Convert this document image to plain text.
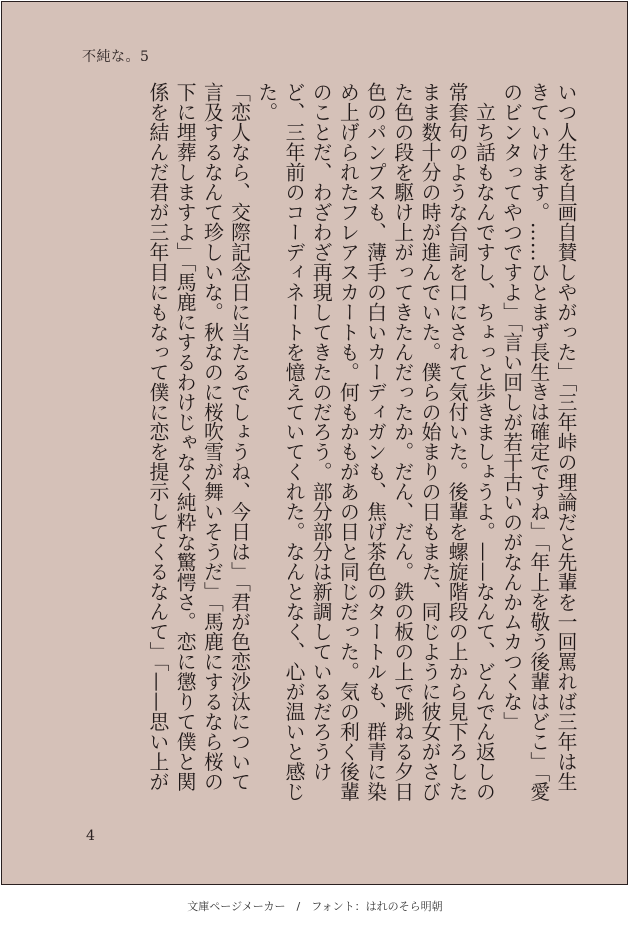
不純な。5

いつ人生を自画自賛しやがった」「三年峠の理論だと先輩を一回罵れば三年は生きていけます。……ひとまず長生きは確定ですね」「年上を敬う後輩はどこ」「愛のビンタってやつですよ」「言い回しが若干古いのがなんかムカつくな」

立ち話もなんですし、ちょっと歩きましょうよ。——なんて、どんでん返しの常套句のような台詞を口にされて気付いた。後輩を螺旋階段の上から見下ろしたまま数十分の時が進んでいた。僕らの始まりの日もまた、同じように彼女がさびた色の段を駆け上がってきたんだったか。だん、だん。鉄の板の上で跳ねる夕日色のパンプスも、薄手の白いカーディガンも、焦げ茶色のタートルも、群青に染め上げられたフレアスカートも。何もかもがあの日と同じだった。気の利く後輩のことだ、わざわざ再現してきたのだろう。部分部分は新調しているだろうけど、三年前のコーディネートを憶えていてくれた。なんとなく、心が温いと感じた。

「恋人なら、交際記念日に当たるでしょうね、今日は」「君が色恋沙汰について言及するなんて珍しいな。秋なのに桜吹雪が舞いそうだ」「馬鹿にするなら桜の下に埋葬しますよ」「馬鹿にするわけじゃなく純粋な驚愕さ。恋に懲りて僕と関係を結んだ君が三年目にもなって僕に恋を提示してくるなんて」「——思い上が

4
文庫ページメーカー　/　フォント：はれのそら明朝
